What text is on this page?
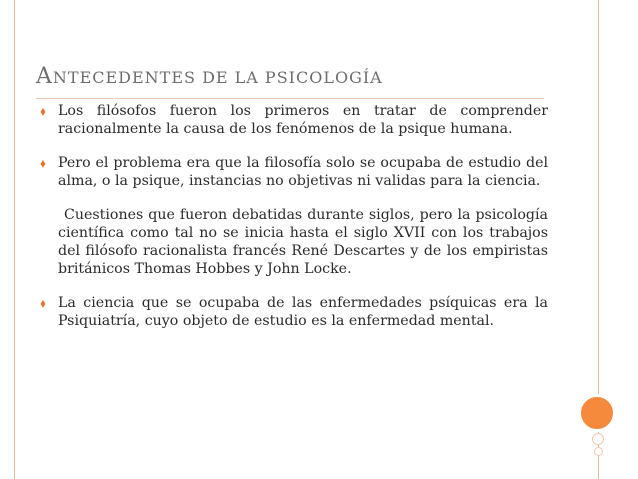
ANTECEDENTES DE LA PSICOLOGÍA
⬧ Los filósofos fueron los primeros en tratar de comprender racionalmente la causa de los fenómenos de la psique humana.
⬧ Pero el problema era que la filosofía solo se ocupaba de estudio del alma, o la psique, instancias no objetivas ni validas para la ciencia.
Cuestiones que fueron debatidas durante siglos, pero la psicología científica como tal no se inicia hasta el siglo XVII con los trabajos del filósofo racionalista francés René Descartes y de los empiristas británicos Thomas Hobbes y John Locke.
⬧ La ciencia que se ocupaba de las enfermedades psíquicas era la Psiquiatría, cuyo objeto de estudio es la enfermedad mental.
